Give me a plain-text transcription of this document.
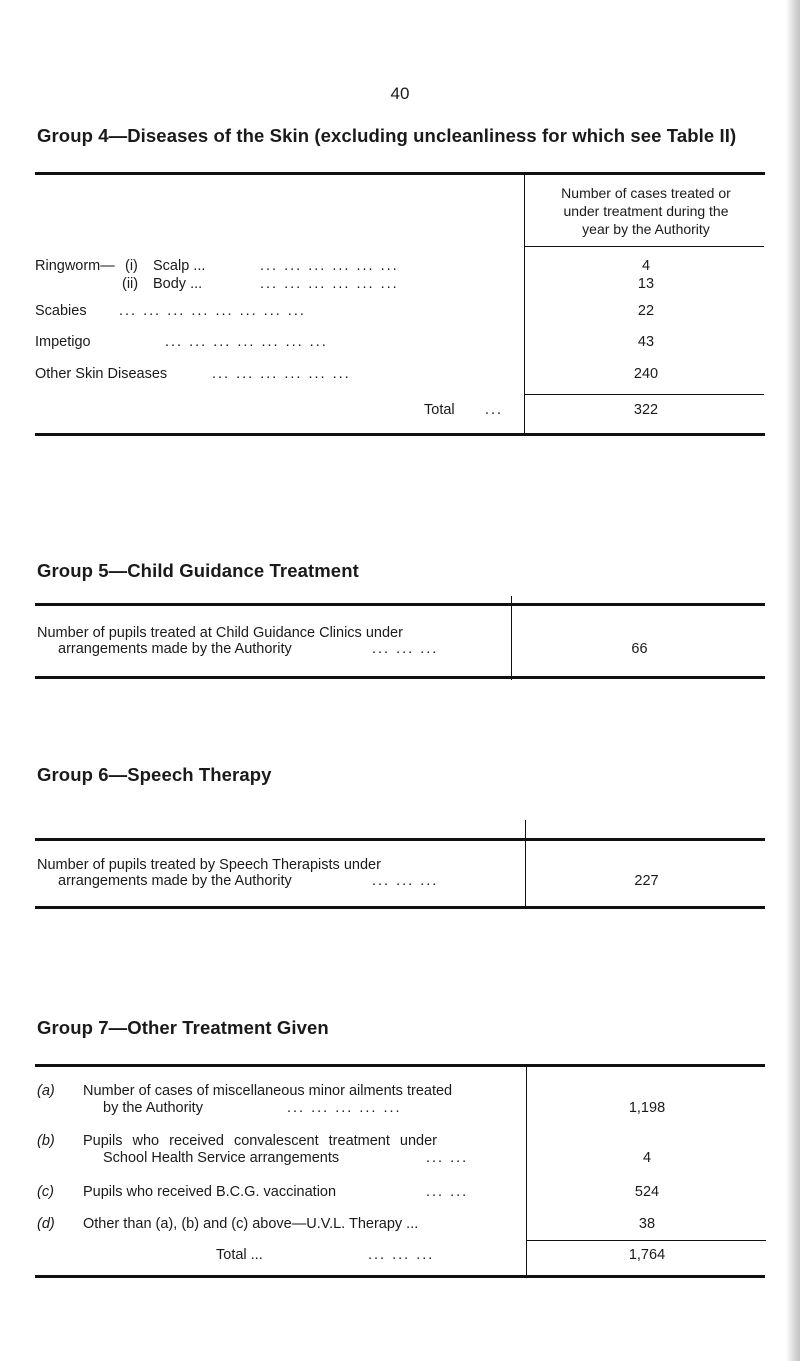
40
Group 4—Diseases of the Skin (excluding uncleanliness for which see Table II)
Number of cases treated or
under treatment during the
year by the Authority
Ringworm— (i) Scalp ...	... ... ... ... ... ...	4
(ii) Body ...	... ... ... ... ... ...	13
Scabies ... ... ... ... ... ... ... ...	22
Impetigo	... ... ... ... ... ... ...	43
Other Skin Diseases	... ... ... ... ... ...	240
Total ...	322
Group 5—Child Guidance Treatment
Number of pupils treated at Child Guidance Clinics under
arrangements made by the Authority	... ... ...	66
Group 6—Speech Therapy
Number of pupils treated by Speech Therapists under
arrangements made by the Authority	... ... ...	227
Group 7—Other Treatment Given
(a) Number of cases of miscellaneous minor ailments treated
by the Authority	... ... ... ... ...	1,198
(b) Pupils who received convalescent treatment under
School Health Service arrangements	... ...	4
(c) Pupils who received B.C.G. vaccination	... ...	524
(d) Other than (a), (b) and (c) above—U.V.L. Therapy ...	38
Total ...	... ... ...	1,764
